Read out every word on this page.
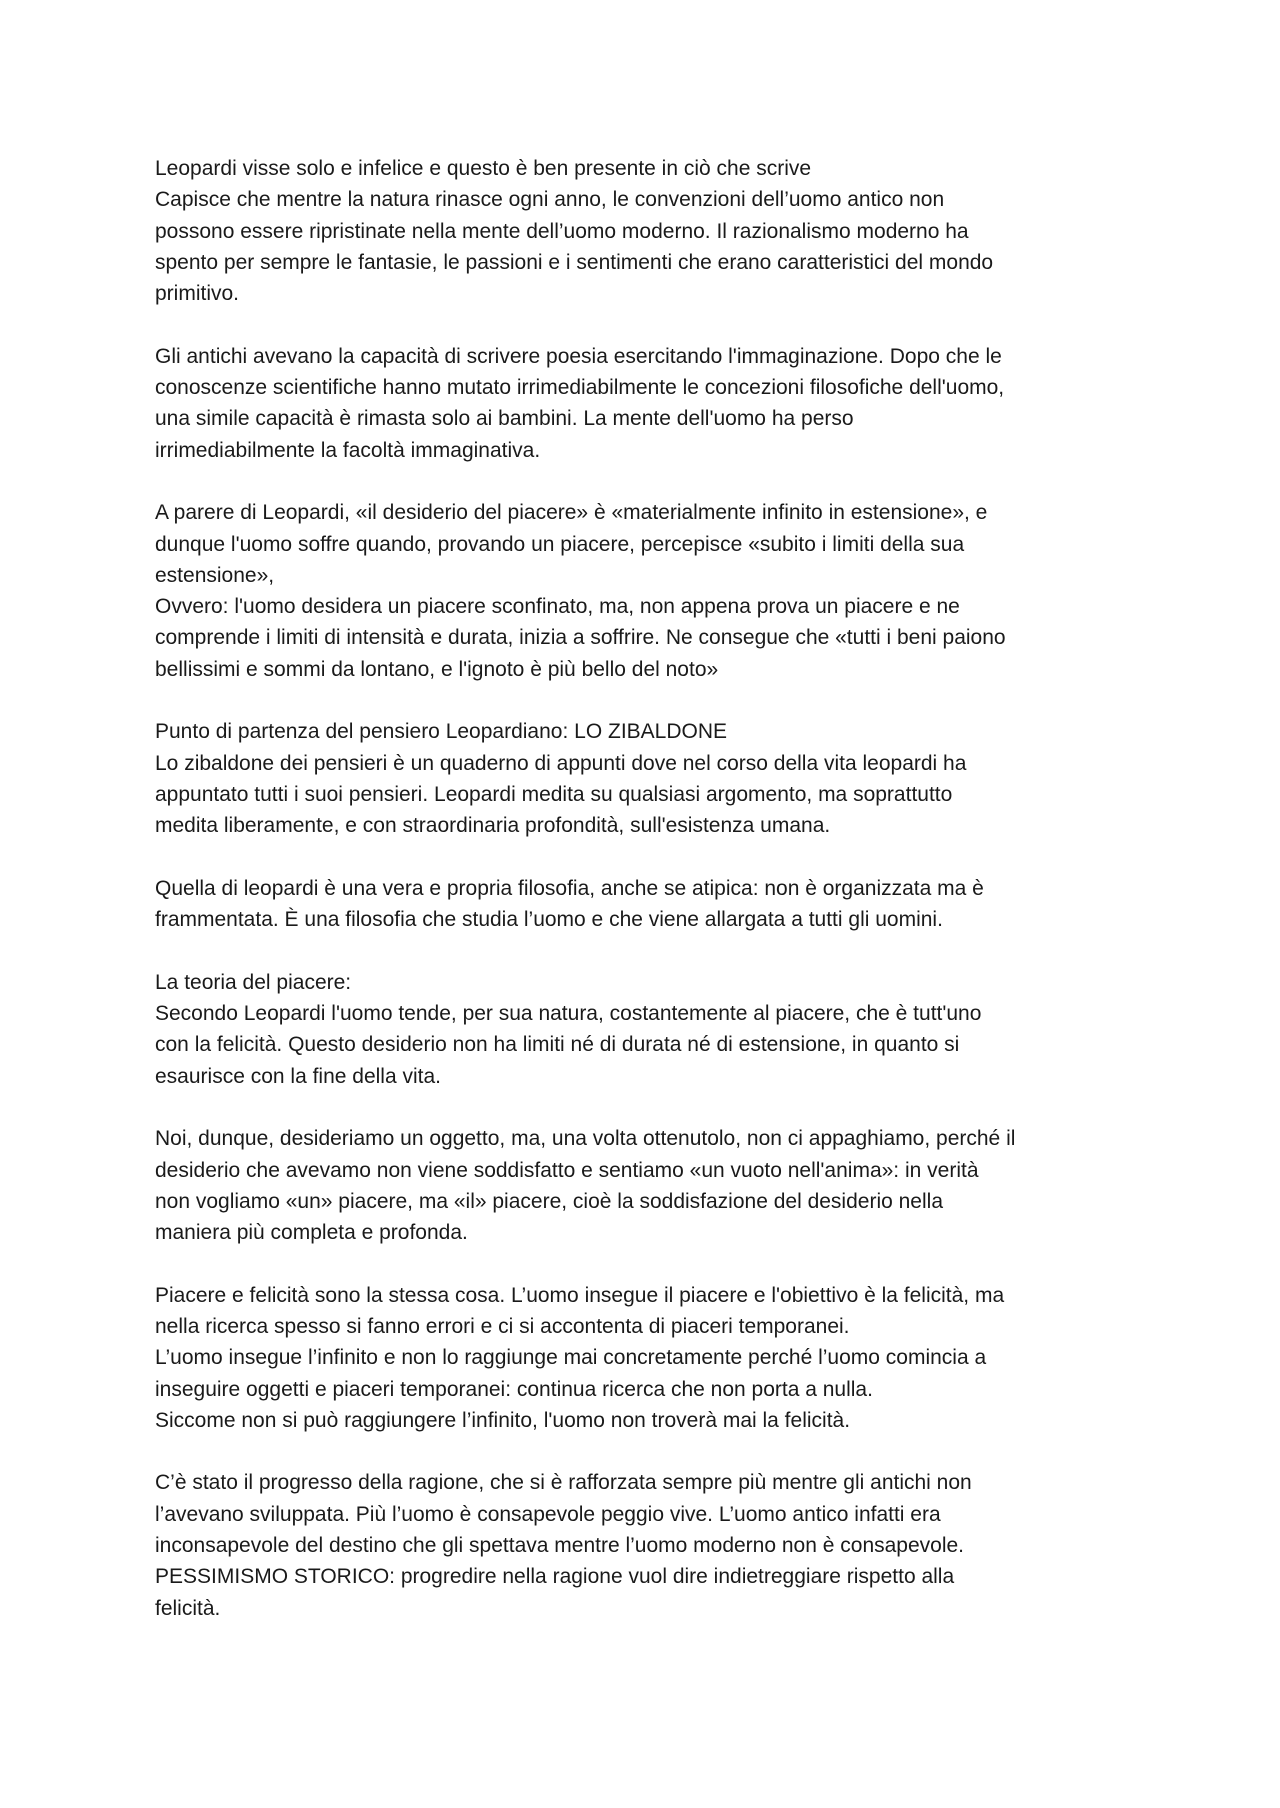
Leopardi visse solo e infelice e questo è ben presente in ciò che scrive
Capisce che mentre la natura rinasce ogni anno, le convenzioni dell’uomo antico non
possono essere ripristinate nella mente dell’uomo moderno. Il razionalismo moderno ha
spento per sempre le fantasie, le passioni e i sentimenti che erano caratteristici del mondo
primitivo.
Gli antichi avevano la capacità di scrivere poesia esercitando l'immaginazione. Dopo che le
conoscenze scientifiche hanno mutato irrimediabilmente le concezioni filosofiche dell'uomo,
una simile capacità è rimasta solo ai bambini. La mente dell'uomo ha perso
irrimediabilmente la facoltà immaginativa.
A parere di Leopardi, «il desiderio del piacere» è «materialmente infinito in estensione», e
dunque l'uomo soffre quando, provando un piacere, percepisce «subito i limiti della sua
estensione»,
Ovvero: l'uomo desidera un piacere sconfinato, ma, non appena prova un piacere e ne
comprende i limiti di intensità e durata, inizia a soffrire. Ne consegue che «tutti i beni paiono
bellissimi e sommi da lontano, e l'ignoto è più bello del noto»
Punto di partenza del pensiero Leopardiano: LO ZIBALDONE
Lo zibaldone dei pensieri è un quaderno di appunti dove nel corso della vita leopardi ha
appuntato tutti i suoi pensieri. Leopardi medita su qualsiasi argomento, ma soprattutto
medita liberamente, e con straordinaria profondità, sull'esistenza umana.
Quella di leopardi è una vera e propria filosofia, anche se atipica: non è organizzata ma è
frammentata. È una filosofia che studia l’uomo e che viene allargata a tutti gli uomini.
La teoria del piacere:
Secondo Leopardi l'uomo tende, per sua natura, costantemente al piacere, che è tutt'uno
con la felicità. Questo desiderio non ha limiti né di durata né di estensione, in quanto si
esaurisce con la fine della vita.
Noi, dunque, desideriamo un oggetto, ma, una volta ottenutolo, non ci appaghiamo, perché il
desiderio che avevamo non viene soddisfatto e sentiamo «un vuoto nell'anima»: in verità
non vogliamo «un» piacere, ma «il» piacere, cioè la soddisfazione del desiderio nella
maniera più completa e profonda.
Piacere e felicità sono la stessa cosa. L’uomo insegue il piacere e l'obiettivo è la felicità, ma
nella ricerca spesso si fanno errori e ci si accontenta di piaceri temporanei.
L’uomo insegue l’infinito e non lo raggiunge mai concretamente perché l’uomo comincia a
inseguire oggetti e piaceri temporanei: continua ricerca che non porta a nulla.
Siccome non si può raggiungere l’infinito, l'uomo non troverà mai la felicità.
C’è stato il progresso della ragione, che si è rafforzata sempre più mentre gli antichi non
l’avevano sviluppata. Più l’uomo è consapevole peggio vive. L’uomo antico infatti era
inconsapevole del destino che gli spettava mentre l’uomo moderno non è consapevole.
PESSIMISMO STORICO: progredire nella ragione vuol dire indietreggiare rispetto alla
felicità.
